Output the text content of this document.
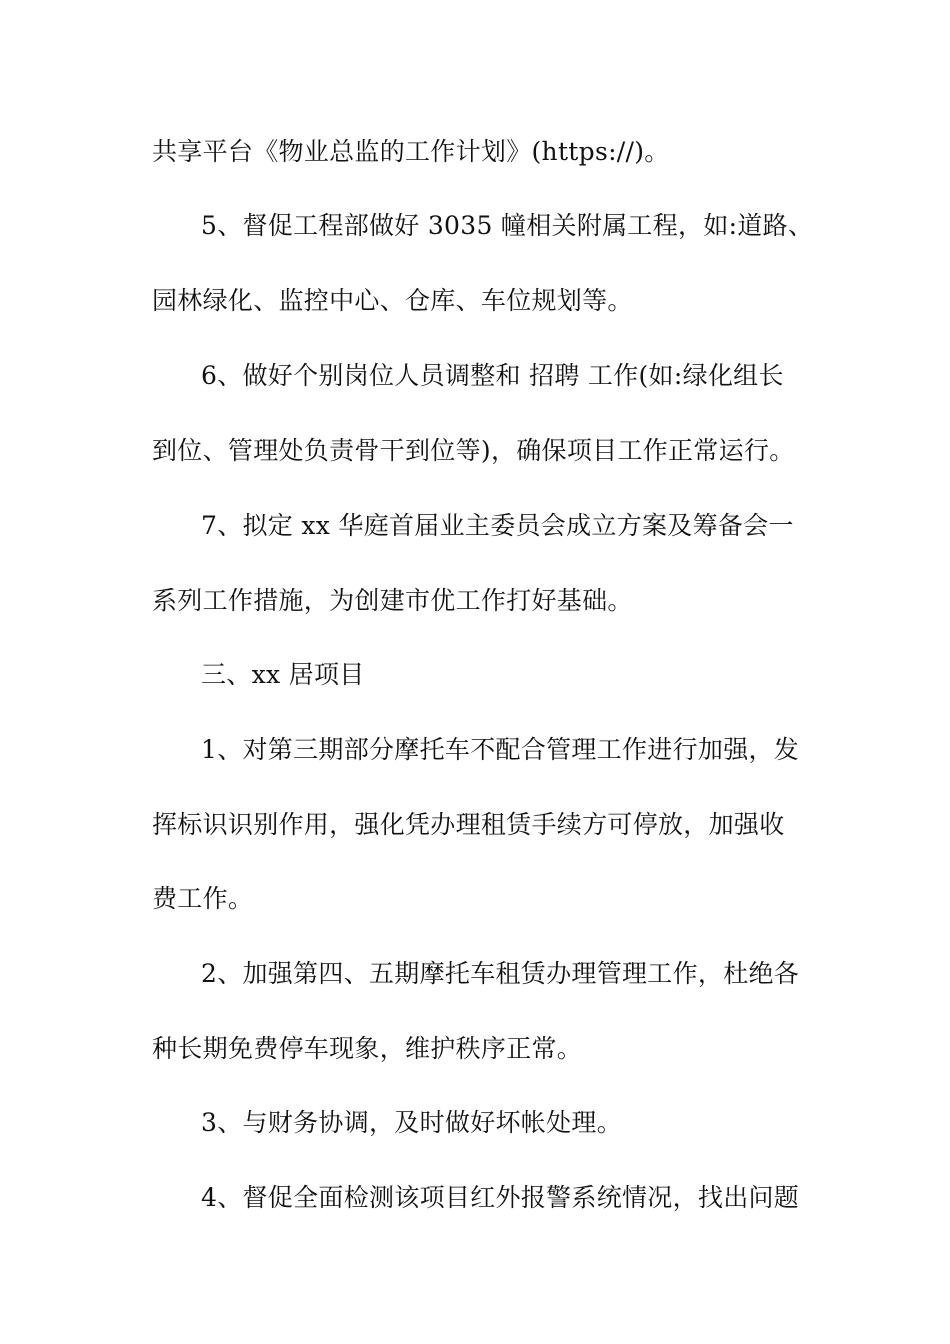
共享平台《物业总监的工作计划》(https://)。
5、督促工程部做好 3035 幢相关附属工程，如:道路、
园林绿化、监控中心、仓库、车位规划等。
6、做好个别岗位人员调整和 招聘 工作(如:绿化组长
到位、管理处负责骨干到位等)，确保项目工作正常运行。
7、拟定 xx 华庭首届业主委员会成立方案及筹备会一
系列工作措施，为创建市优工作打好基础。
三、xx 居项目
1、对第三期部分摩托车不配合管理工作进行加强，发
挥标识识别作用，强化凭办理租赁手续方可停放，加强收
费工作。
2、加强第四、五期摩托车租赁办理管理工作，杜绝各
种长期免费停车现象，维护秩序正常。
3、与财务协调，及时做好坏帐处理。
4、督促全面检测该项目红外报警系统情况，找出问题
